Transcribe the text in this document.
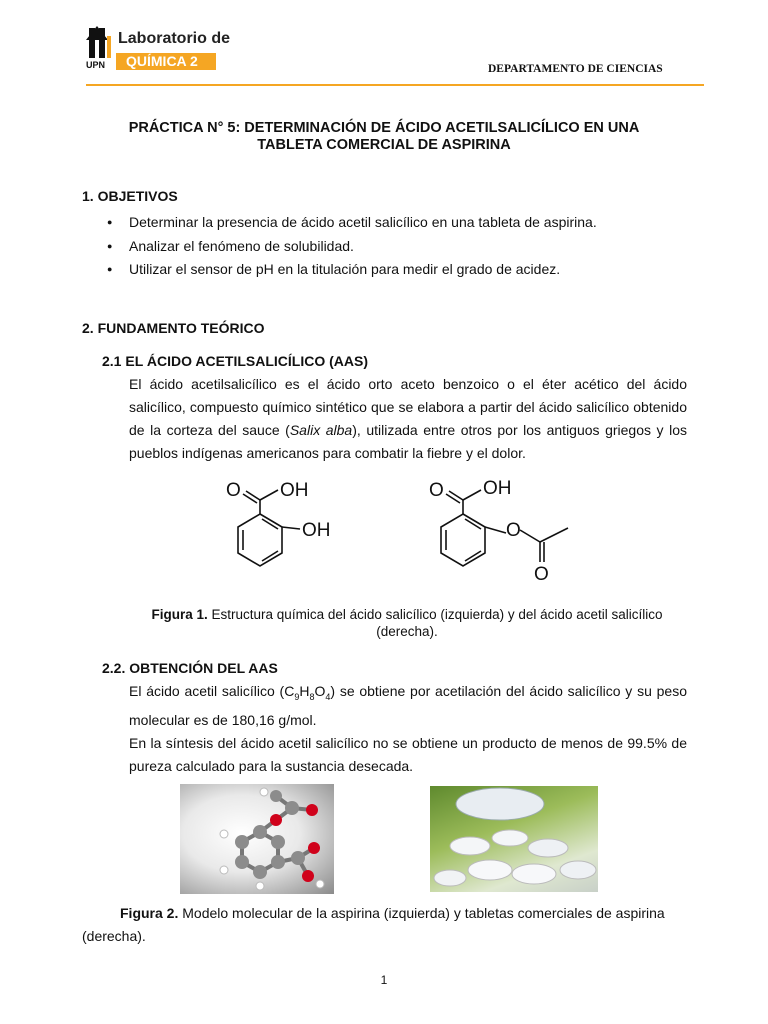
UPN
Laboratorio de
QUÍMICA 2	DEPARTAMENTO DE CIENCIAS
PRÁCTICA N° 5: DETERMINACIÓN DE ÁCIDO ACETILSALICÍLICO EN UNA
TABLETA COMERCIAL DE ASPIRINA
1. OBJETIVOS
● Determinar la presencia de ácido acetil salicílico en una tableta de aspirina.
● Analizar el fenómeno de solubilidad.
● Utilizar el sensor de pH en la titulación para medir el grado de acidez.
2. FUNDAMENTO TEÓRICO
2.1 EL ÁCIDO ACETILSALICÍLICO (AAS)

El ácido acetilsalicílico es el ácido orto aceto benzoico o el éter acético del ácido salicílico, compuesto químico sintético que se elabora a partir del ácido salicílico obtenido de la corteza del sauce (Salix alba), utilizada entre otros por los antiguos griegos y los pueblos indígenas americanos para combatir la fiebre y el dolor.

O OH
OH
O OH
O
O
Figura 1. Estructura química del ácido salicílico (izquierda) y del ácido acetil salicílico (derecha).
2.2. OBTENCIÓN DEL AAS

El ácido acetil salicílico $(C_9H_8O_4)$ se obtiene por acetilación del ácido salicílico y su peso molecular es de 180,16 g/mol.

En la síntesis del ácido acetil salicílico no se obtiene un producto de menos de 99.5% de pureza calculado para la sustancia desecada.

Figura 2. Modelo molecular de la aspirina (izquierda) y tabletas comerciales de aspirina (derecha).
1
